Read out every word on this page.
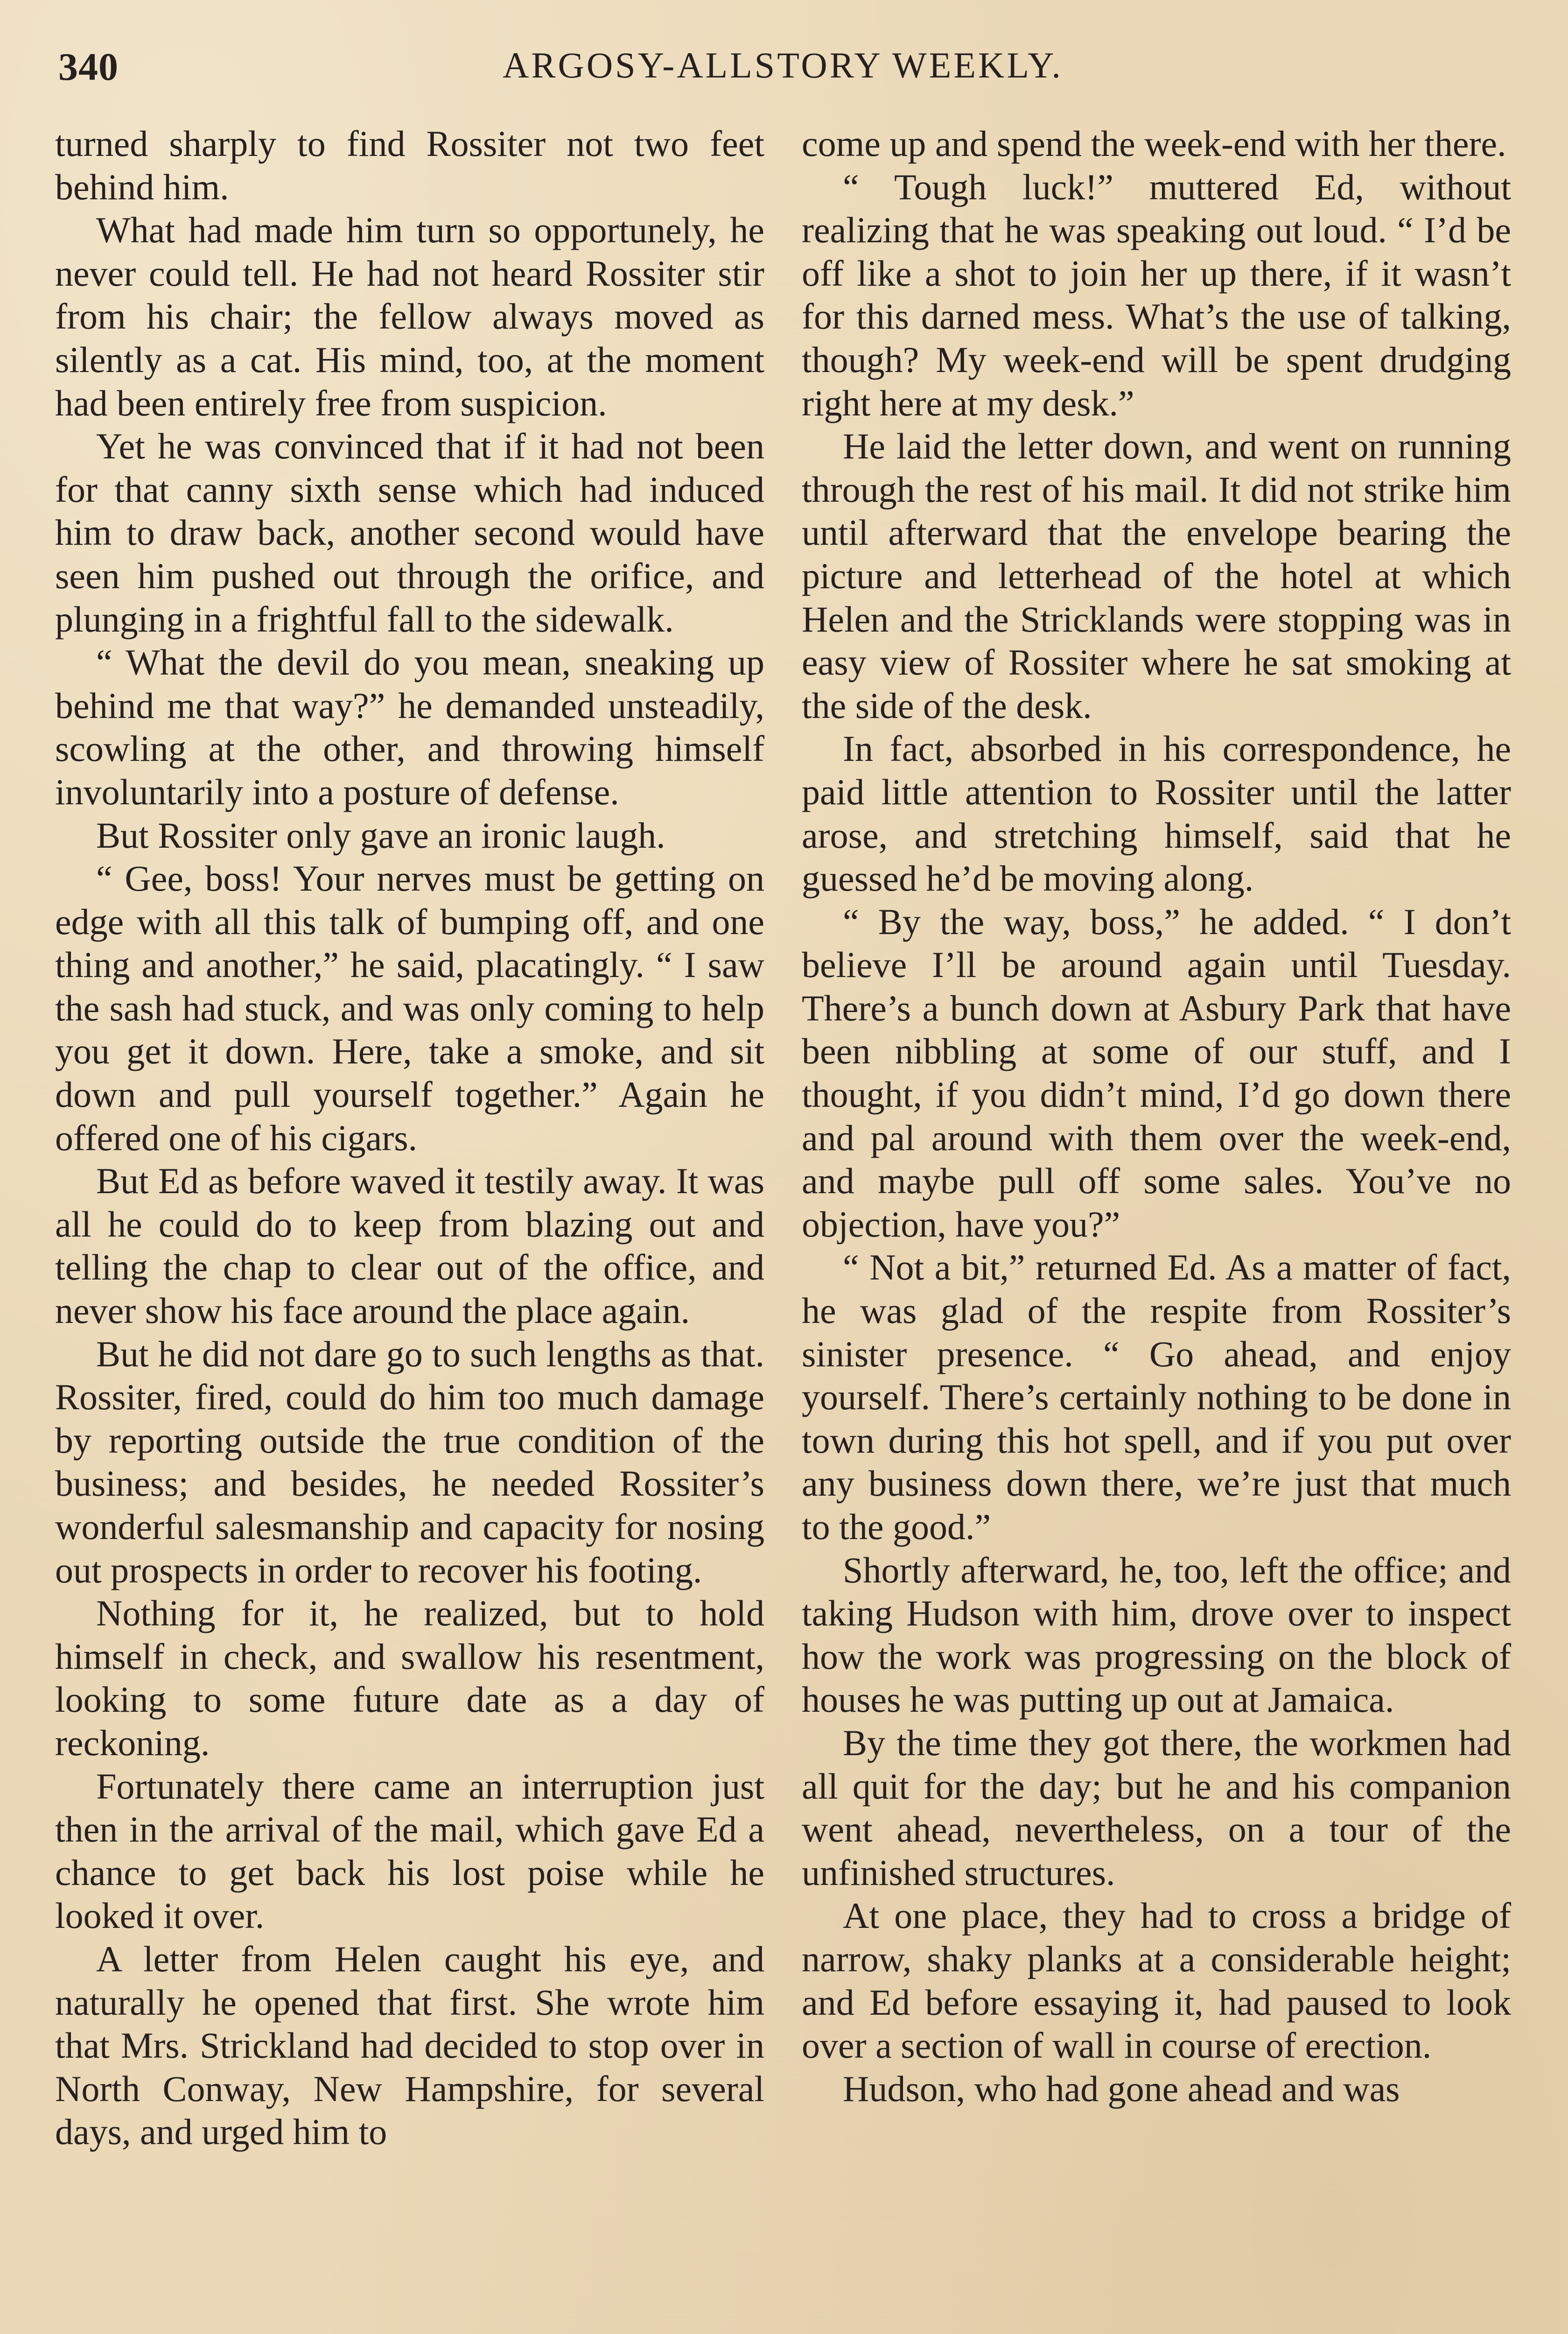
340	ARGOSY-ALLSTORY WEEKLY.

turned sharply to find Rossiter not two feet behind him.

What had made him turn so opportunely, he never could tell. He had not heard Rossiter stir from his chair; the fellow always moved as silently as a cat. His mind, too, at the moment had been entirely free from suspicion.

Yet he was convinced that if it had not been for that canny sixth sense which had induced him to draw back, another second would have seen him pushed out through the orifice, and plunging in a frightful fall to the sidewalk.

“ What the devil do you mean, sneaking up behind me that way?” he demanded unsteadily, scowling at the other, and throwing himself involuntarily into a posture of defense.

But Rossiter only gave an ironic laugh.

“ Gee, boss! Your nerves must be getting on edge with all this talk of bumping off, and one thing and another,” he said, placatingly. “ I saw the sash had stuck, and was only coming to help you get it down. Here, take a smoke, and sit down and pull yourself together.” Again he offered one of his cigars.

But Ed as before waved it testily away. It was all he could do to keep from blazing out and telling the chap to clear out of the office, and never show his face around the place again.

But he did not dare go to such lengths as that. Rossiter, fired, could do him too much damage by reporting outside the true condition of the business; and besides, he needed Rossiter’s wonderful salesmanship and capacity for nosing out prospects in order to recover his footing.

Nothing for it, he realized, but to hold himself in check, and swallow his resentment, looking to some future date as a day of reckoning.

Fortunately there came an interruption just then in the arrival of the mail, which gave Ed a chance to get back his lost poise while he looked it over.

A letter from Helen caught his eye, and naturally he opened that first. She wrote him that Mrs. Strickland had decided to stop over in North Conway, New Hampshire, for several days, and urged him to

come up and spend the week-end with her there.

“ Tough luck!” muttered Ed, without realizing that he was speaking out loud. “ I’d be off like a shot to join her up there, if it wasn’t for this darned mess. What’s the use of talking, though? My week-end will be spent drudging right here at my desk.”

He laid the letter down, and went on running through the rest of his mail. It did not strike him until afterward that the envelope bearing the picture and letterhead of the hotel at which Helen and the Stricklands were stopping was in easy view of Rossiter where he sat smoking at the side of the desk.

In fact, absorbed in his correspondence, he paid little attention to Rossiter until the latter arose, and stretching himself, said that he guessed he’d be moving along.

“ By the way, boss,” he added. “ I don’t believe I’ll be around again until Tuesday. There’s a bunch down at Asbury Park that have been nibbling at some of our stuff, and I thought, if you didn’t mind, I’d go down there and pal around with them over the week-end, and maybe pull off some sales. You’ve no objection, have you?”

“ Not a bit,” returned Ed. As a matter of fact, he was glad of the respite from Rossiter’s sinister presence. “ Go ahead, and enjoy yourself. There’s certainly nothing to be done in town during this hot spell, and if you put over any business down there, we’re just that much to the good.”

Shortly afterward, he, too, left the office; and taking Hudson with him, drove over to inspect how the work was progressing on the block of houses he was putting up out at Jamaica.

By the time they got there, the workmen had all quit for the day; but he and his companion went ahead, nevertheless, on a tour of the unfinished structures.

At one place, they had to cross a bridge of narrow, shaky planks at a considerable height; and Ed before essaying it, had paused to look over a section of wall in course of erection.

Hudson, who had gone ahead and was
